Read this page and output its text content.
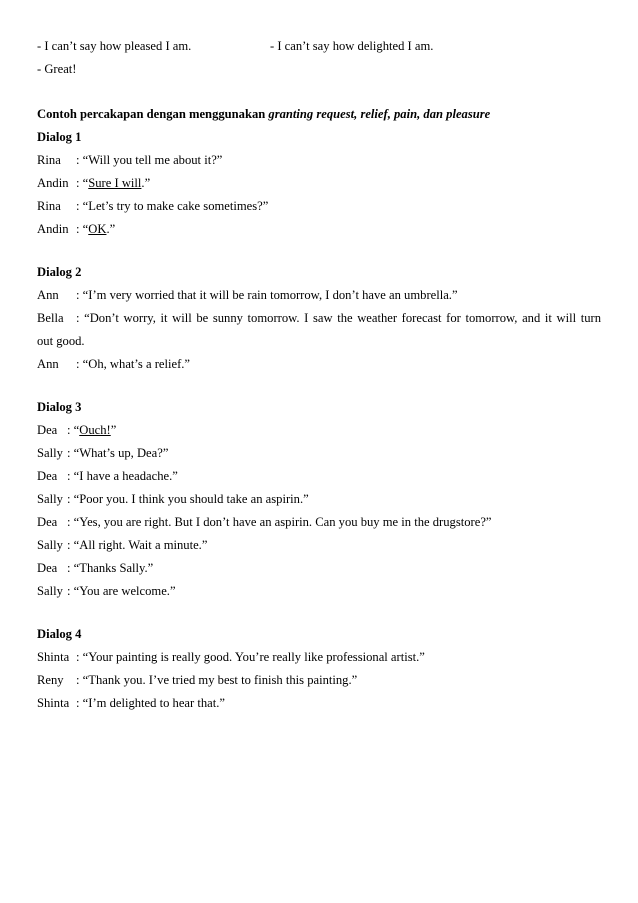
- I can’t say how pleased I am.	- I can’t say how delighted I am.
- Great!
Contoh percakapan dengan menggunakan granting request, relief, pain, dan pleasure
Dialog 1
Rina : “Will you tell me about it?”
Andin : “Sure I will.”
Rina : “Let’s try to make cake sometimes?”
Andin : “OK.”
Dialog 2
Ann : “I’m very worried that it will be rain tomorrow, I don’t have an umbrella.”
Bella : “Don’t worry, it will be sunny tomorrow. I saw the weather forecast for tomorrow, and it will turn
out good.
Ann : “Oh, what’s a relief.”
Dialog 3
Dea : “Ouch!”
Sally : “What’s up, Dea?”
Dea : “I have a headache.”
Sally : “Poor you. I think you should take an aspirin.”
Dea : “Yes, you are right. But I don’t have an aspirin. Can you buy me in the drugstore?”
Sally : “All right. Wait a minute.”
Dea : “Thanks Sally.”
Sally : “You are welcome.”
Dialog 4
Shinta : “Your painting is really good. You’re really like professional artist.”
Reny : “Thank you. I’ve tried my best to finish this painting.”
Shinta : “I’m delighted to hear that.”
